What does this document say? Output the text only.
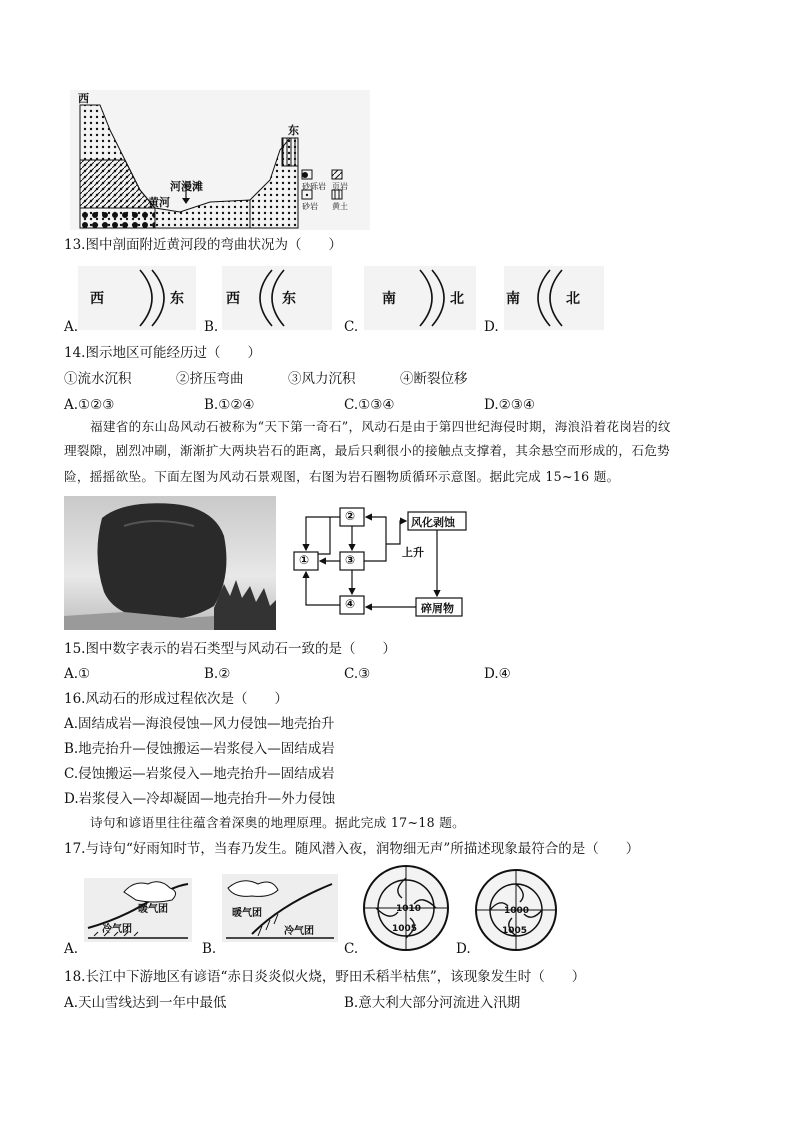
西
东
河漫滩
黄河
砂砾岩 页岩
砂岩 黄土
13.图中剖面附近黄河段的弯曲状况为（　　）
A.
西	东
B.
西	东
C.
南	北
D.
南	北
14.图示地区可能经历过（　　）
①流水沉积	②挤压弯曲	③风力沉积	④断裂位移
A.①②③	B.①②④	C.①③④	D.②③④
福建省的东山岛风动石被称为“天下第一奇石”，风动石是由于第四世纪海侵时期，海浪沿着花岗岩的纹
理裂隙，剧烈冲刷，渐渐扩大两块岩石的距离，最后只剩很小的接触点支撑着，其余悬空而形成的，石危势
险，摇摇欲坠。下面左图为风动石景观图，右图为岩石圈物质循环示意图。据此完成 15~16 题。
②
①	③
④
风化剥蚀
上升
碎屑物
15.图中数字表示的岩石类型与风动石一致的是（　　）
A.①	B.②	C.③	D.④
16.风动石的形成过程依次是（　　）
A.固结成岩—海浪侵蚀—风力侵蚀—地壳抬升
B.地壳抬升—侵蚀搬运—岩浆侵入—固结成岩
C.侵蚀搬运—岩浆侵入—地壳抬升—固结成岩
D.岩浆侵入—冷却凝固—地壳抬升—外力侵蚀
诗句和谚语里往往蕴含着深奥的地理原理。据此完成 17~18 题。
17.与诗句“好雨知时节，当春乃发生。随风潜入夜，润物细无声”所描述现象最符合的是（　　）
A.
暖气团
冷气团
B.
暖气团
冷气团
C.
1010
1005
D.
1000
1005
18.长江中下游地区有谚语“赤日炎炎似火烧，野田禾稻半枯焦”，该现象发生时（　　）
A.天山雪线达到一年中最低	B.意大利大部分河流进入汛期
